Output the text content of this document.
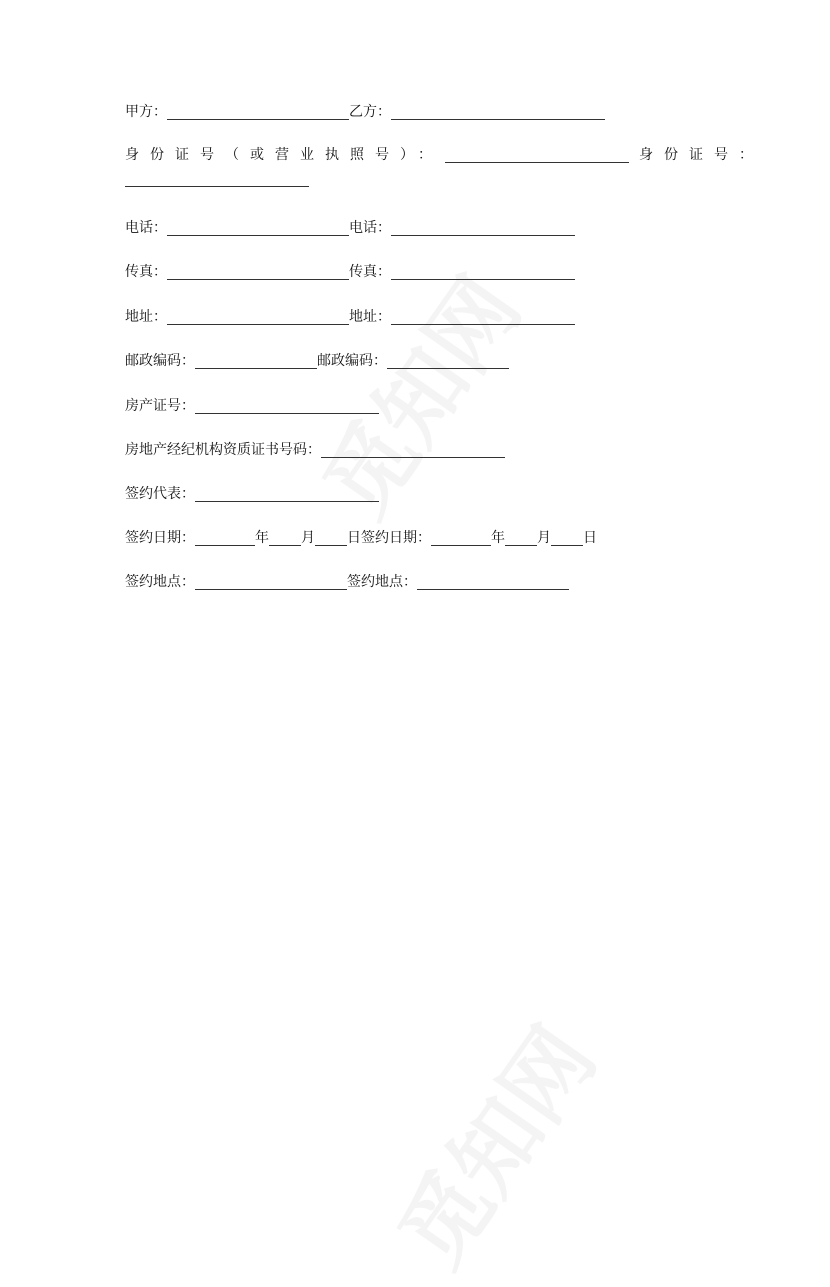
甲方：	乙方：
身份证号（或营业执照号）：	身份证号：
电话：	电话：
传真：	传真：
地址：	地址：
邮政编码：	邮政编码：
房产证号：
房地产经纪机构资质证书号码：
签约代表：
签约日期：	年 月 日 签约日期：	年 月 日
签约地点：	签约地点：
